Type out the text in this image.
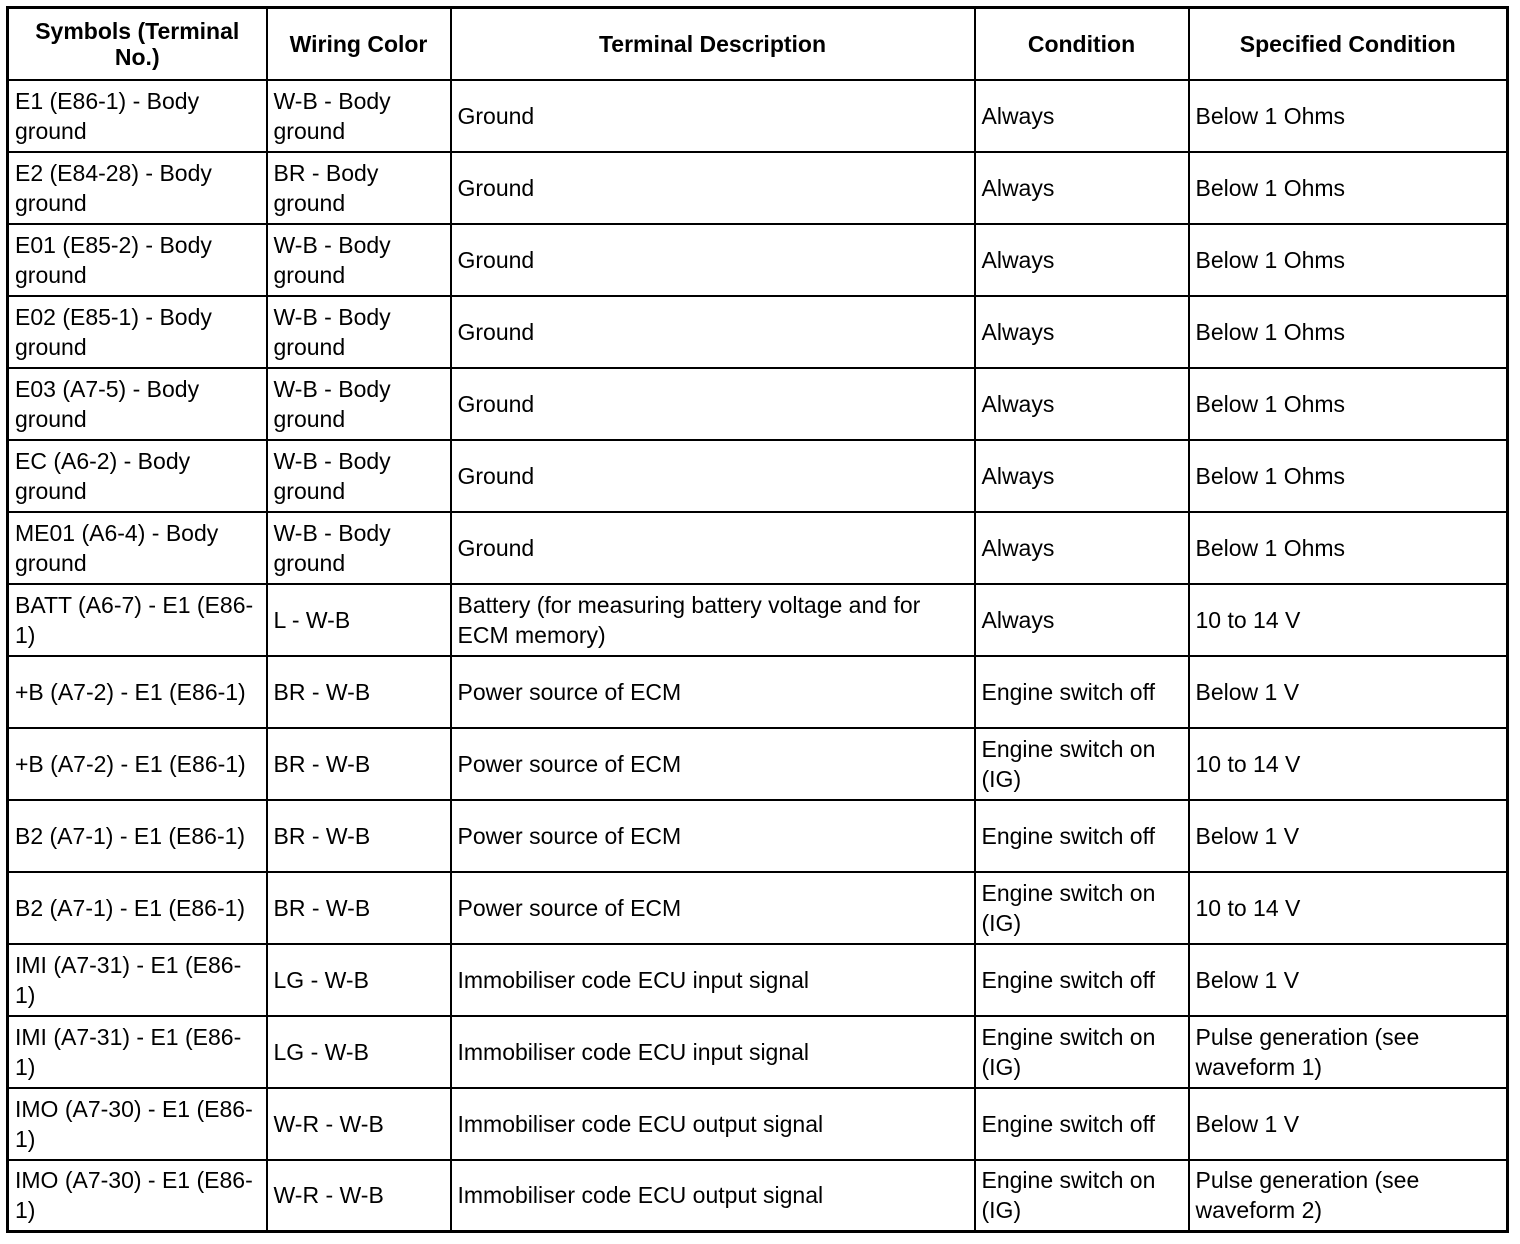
Symbols (Terminal No.)	Wiring Color	Terminal Description	Condition	Specified Condition
E1 (E86-1) - Body ground	W-B - Body ground	Ground	Always	Below 1 Ohms
E2 (E84-28) - Body ground	BR - Body ground	Ground	Always	Below 1 Ohms
E01 (E85-2) - Body ground	W-B - Body ground	Ground	Always	Below 1 Ohms
E02 (E85-1) - Body ground	W-B - Body ground	Ground	Always	Below 1 Ohms
E03 (A7-5) - Body ground	W-B - Body ground	Ground	Always	Below 1 Ohms
EC (A6-2) - Body ground	W-B - Body ground	Ground	Always	Below 1 Ohms
ME01 (A6-4) - Body ground	W-B - Body ground	Ground	Always	Below 1 Ohms
BATT (A6-7) - E1 (E86-1)	L - W-B	Battery (for measuring battery voltage and for ECM memory)	Always	10 to 14 V
+B (A7-2) - E1 (E86-1)	BR - W-B	Power source of ECM	Engine switch off	Below 1 V
+B (A7-2) - E1 (E86-1)	BR - W-B	Power source of ECM	Engine switch on (IG)	10 to 14 V
B2 (A7-1) - E1 (E86-1)	BR - W-B	Power source of ECM	Engine switch off	Below 1 V
B2 (A7-1) - E1 (E86-1)	BR - W-B	Power source of ECM	Engine switch on (IG)	10 to 14 V
IMI (A7-31) - E1 (E86-1)	LG - W-B	Immobiliser code ECU input signal	Engine switch off	Below 1 V
IMI (A7-31) - E1 (E86-1)	LG - W-B	Immobiliser code ECU input signal	Engine switch on (IG)	Pulse generation (see waveform 1)
IMO (A7-30) - E1 (E86-1)	W-R - W-B	Immobiliser code ECU output signal	Engine switch off	Below 1 V
IMO (A7-30) - E1 (E86-1)	W-R - W-B	Immobiliser code ECU output signal	Engine switch on (IG)	Pulse generation (see waveform 2)
